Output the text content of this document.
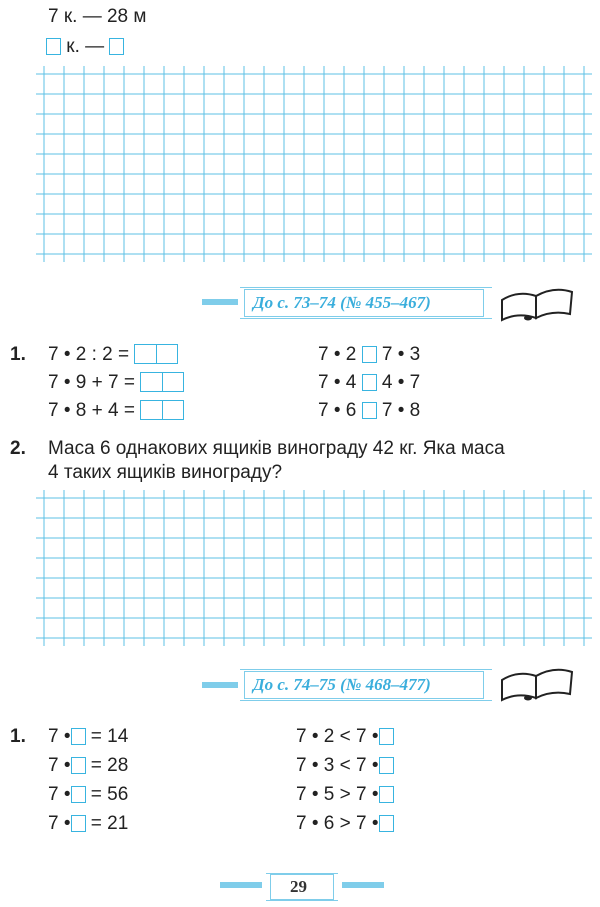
7 к. — 28 м
к. —
До с. 73–74 (№ 455–467)
1. 7 • 2 : 2 =
7 • 9 + 7 =
7 • 8 + 4 =
7 • 2 7 • 3
7 • 4 4 • 7
7 • 6 7 • 8
2. Маса 6 однакових ящиків винограду 42 кг. Яка маса
4 таких ящиків винограду?
До с. 74–75 (№ 468–477)
1. 7 • = 14
7 • = 28
7 • = 56
7 • = 21
7 • 2 < 7 •
7 • 3 < 7 •
7 • 5 > 7 •
7 • 6 > 7 •
29
